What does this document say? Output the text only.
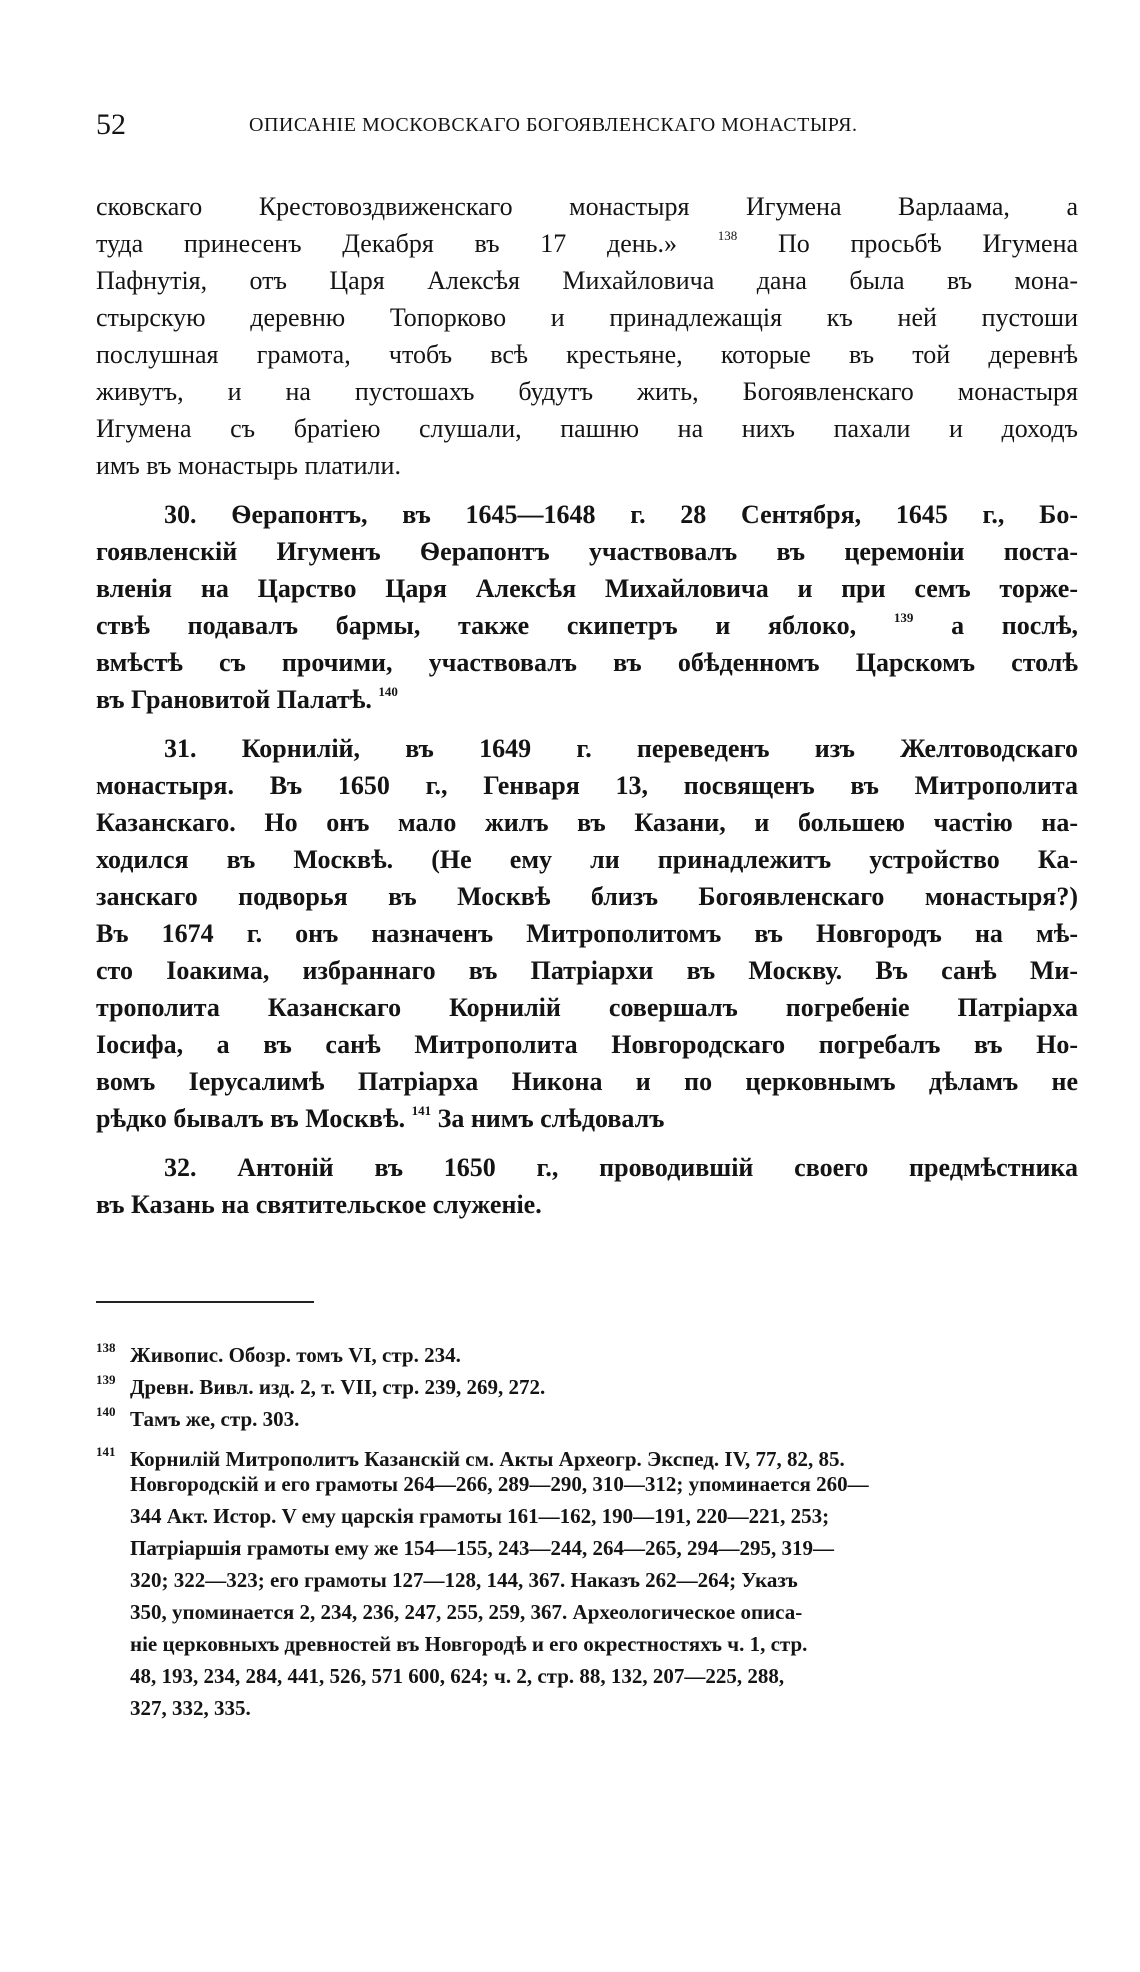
52	ОПИСАНІЕ МОСКОВСКАГО БОГОЯВЛЕНСКАГО МОНАСТЫРЯ.
сковскаго Крестовоздвиженскаго монастыря Игумена Варлаама, а
туда принесенъ Декабря въ 17 день.»	$^{138}$ По просьбѣ Игумена
Пафнутія, отъ Царя Алексѣя Михайловича дана была въ мона-
стырскую деревню Топорково и принадлежащія къ ней пустоши
послушная грамота, чтобъ всѣ крестьяне, которые въ той деревнѣ
живутъ, и на пустошахъ будутъ жить, Богоявленскаго монастыря
Игумена съ братіею слушали, пашню на нихъ пахали и доходъ
имъ въ монастырь платили.
30. Ѳерапонтъ, въ 1645—1648 г. 28 Сентября, 1645 г., Бо-
гоявленскій Игуменъ Ѳерапонтъ участвовалъ въ церемоніи поста-
вленія на Царство Царя Алексѣя Михайловича и при семъ торже-
ствѣ подавалъ бармы, также скипетръ и яблоко,	$^{139}$ а послѣ,
вмѣстѣ съ прочими, участвовалъ въ обѣденномъ Царскомъ столѣ
въ Грановитой Палатѣ. $^{140}$
31. Корнилій, въ 1649 г. переведенъ изъ Желтоводскаго
монастыря. Въ 1650 г., Генваря 13, посвященъ въ Митрополита
Казанскаго. Но онъ мало жилъ въ Казани, и большею частію на-
ходился въ Москвѣ. (Не ему ли принадлежитъ устройство Ка-
занскаго подворья въ Москвѣ близъ Богоявленскаго монастыря?)
Въ 1674 г. онъ назначенъ Митрополитомъ въ Новгородъ на мѣ-
сто Іоакима, избраннаго въ Патріархи въ Москву. Въ санѣ Ми-
трополита Казанскаго Корнилій совершалъ погребеніе Патріарха
Іосифа, а въ санѣ Митрополита Новгородскаго погребалъ въ Но-
вомъ Іерусалимѣ Патріарха Никона и по церковнымъ дѣламъ не
рѣдко бывалъ въ Москвѣ. $^{141}$ За нимъ слѣдовалъ
32. Антоній въ 1650 г., проводившій своего предмѣстника
въ Казань на святительское служеніе.
138 Живопис. Обозр. томъ VI, стр. 234.
139 Древн. Вивл. изд. 2, т. VII, стр. 239, 269, 272.
140 Тамъ же, стр. 303.
141 Корнилій Митрополитъ Казанскій см. Акты Археогр. Экспед. IV, 77, 82, 85.
Новгородскій и его грамоты 264—266, 289—290, 310—312; упоминается 260—
344 Акт. Истор. V ему царскія грамоты 161—162, 190—191, 220—221, 253;
Патріаршія грамоты ему же 154—155, 243—244, 264—265, 294—295, 319—
320; 322—323; его грамоты 127—128, 144, 367. Наказъ 262—264; Указъ
350, упоминается 2, 234, 236, 247, 255, 259, 367. Археологическое описа-
ніе церковныхъ древностей въ Новгородѣ и его окрестностяхъ ч. 1, стр.
48, 193, 234, 284, 441, 526, 571 600, 624; ч. 2, стр. 88, 132, 207—225, 288,
327, 332, 335.
